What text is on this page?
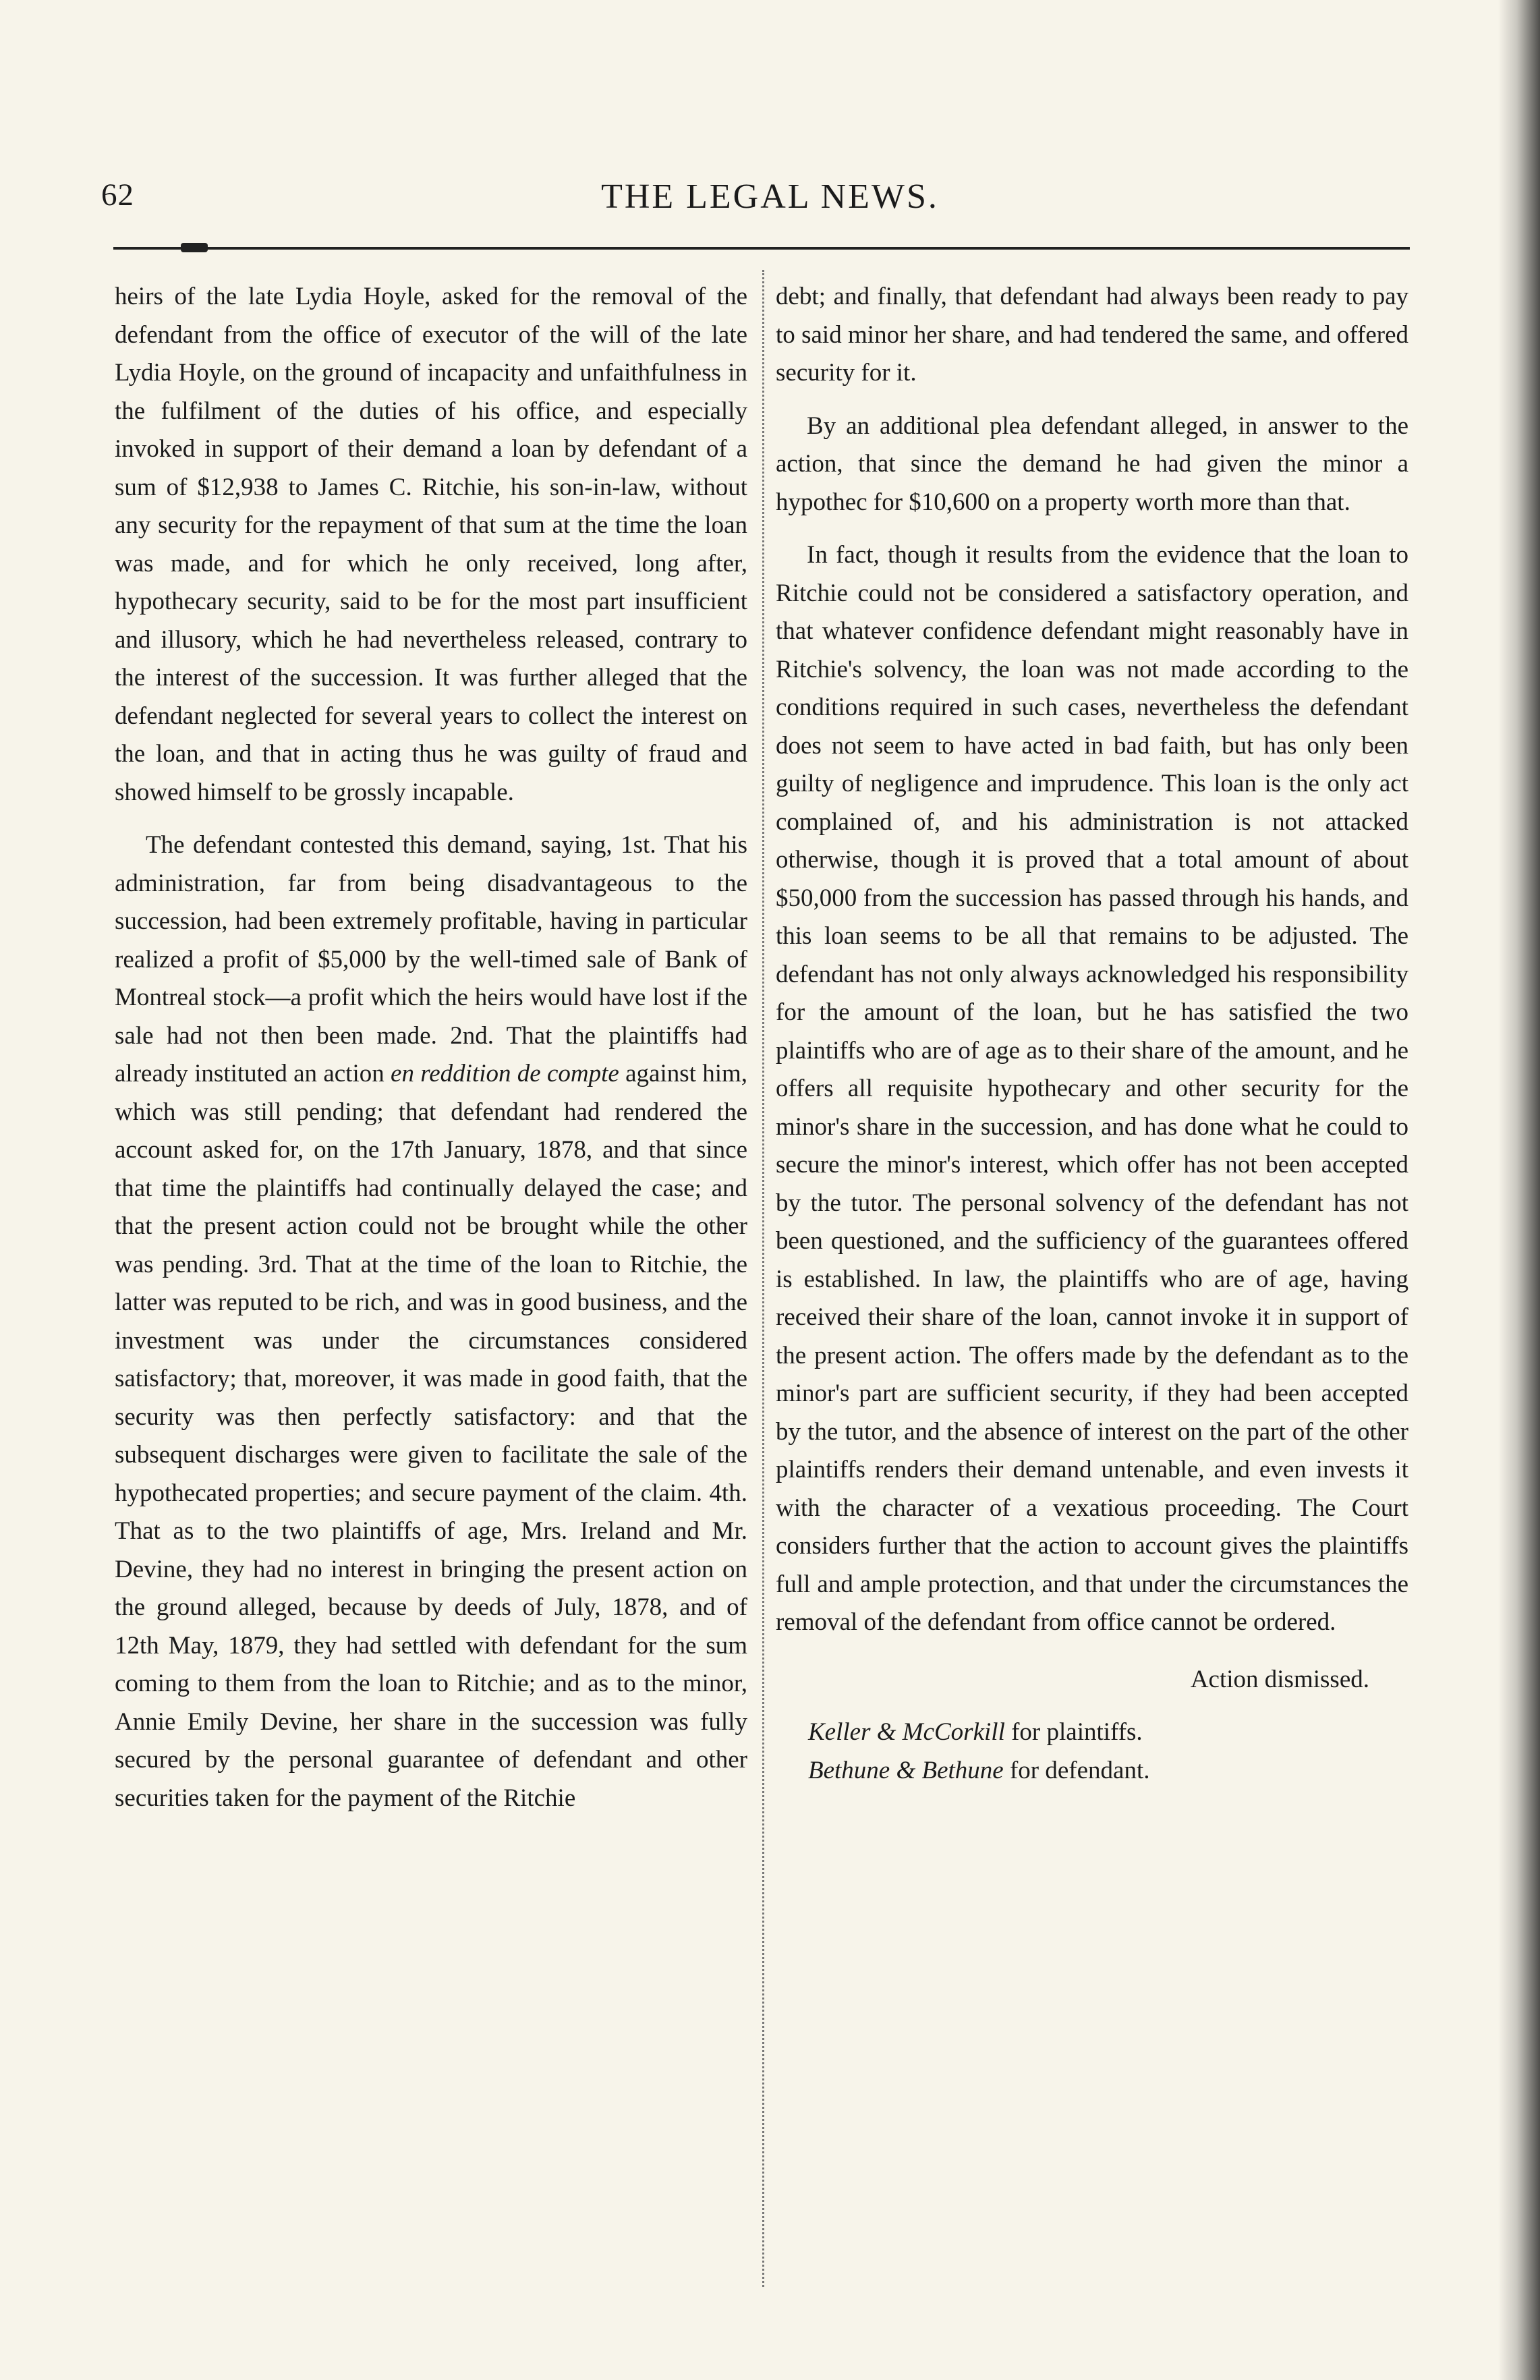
62	THE LEGAL NEWS.

heirs of the late Lydia Hoyle, asked for the removal of the defendant from the office of executor of the will of the late Lydia Hoyle, on the ground of incapacity and unfaithfulness in the fulfilment of the duties of his office, and especially invoked in support of their demand a loan by defendant of a sum of $12,938 to James C. Ritchie, his son-in-law, without any security for the repayment of that sum at the time the loan was made, and for which he only received, long after, hypothecary security, said to be for the most part insufficient and illusory, which he had nevertheless released, contrary to the interest of the succession. It was further alleged that the defendant neglected for several years to collect the interest on the loan, and that in acting thus he was guilty of fraud and showed himself to be grossly incapable.

The defendant contested this demand, saying, 1st. That his administration, far from being disadvantageous to the succession, had been extremely profitable, having in particular realized a profit of $5,000 by the well-timed sale of Bank of Montreal stock—a profit which the heirs would have lost if the sale had not then been made. 2nd. That the plaintiffs had already instituted an action en reddition de compte against him, which was still pending; that defendant had rendered the account asked for, on the 17th January, 1878, and that since that time the plaintiffs had continually delayed the case; and that the present action could not be brought while the other was pending. 3rd. That at the time of the loan to Ritchie, the latter was reputed to be rich, and was in good business, and the investment was under the circumstances considered satisfactory; that, moreover, it was made in good faith, that the security was then perfectly satisfactory: and that the subsequent discharges were given to facilitate the sale of the hypothecated properties; and secure payment of the claim. 4th. That as to the two plaintiffs of age, Mrs. Ireland and Mr. Devine, they had no interest in bringing the present action on the ground alleged, because by deeds of July, 1878, and of 12th May, 1879, they had settled with defendant for the sum coming to them from the loan to Ritchie; and as to the minor, Annie Emily Devine, her share in the succession was fully secured by the personal guarantee of defendant and other securities taken for the payment of the Ritchie

debt; and finally, that defendant had always been ready to pay to said minor her share, and had tendered the same, and offered security for it.

By an additional plea defendant alleged, in answer to the action, that since the demand he had given the minor a hypothec for $10,600 on a property worth more than that.

In fact, though it results from the evidence that the loan to Ritchie could not be considered a satisfactory operation, and that whatever confidence defendant might reasonably have in Ritchie's solvency, the loan was not made according to the conditions required in such cases, nevertheless the defendant does not seem to have acted in bad faith, but has only been guilty of negligence and imprudence. This loan is the only act complained of, and his administration is not attacked otherwise, though it is proved that a total amount of about $50,000 from the succession has passed through his hands, and this loan seems to be all that remains to be adjusted. The defendant has not only always acknowledged his responsibility for the amount of the loan, but he has satisfied the two plaintiffs who are of age as to their share of the amount, and he offers all requisite hypothecary and other security for the minor's share in the succession, and has done what he could to secure the minor's interest, which offer has not been accepted by the tutor. The personal solvency of the defendant has not been questioned, and the sufficiency of the guarantees offered is established. In law, the plaintiffs who are of age, having received their share of the loan, cannot invoke it in support of the present action. The offers made by the defendant as to the minor's part are sufficient security, if they had been accepted by the tutor, and the absence of interest on the part of the other plaintiffs renders their demand untenable, and even invests it with the character of a vexatious proceeding. The Court considers further that the action to account gives the plaintiffs full and ample protection, and that under the circumstances the removal of the defendant from office cannot be ordered.

Action dismissed.

Keller & McCorkill for plaintiffs.

Bethune & Bethune for defendant.
